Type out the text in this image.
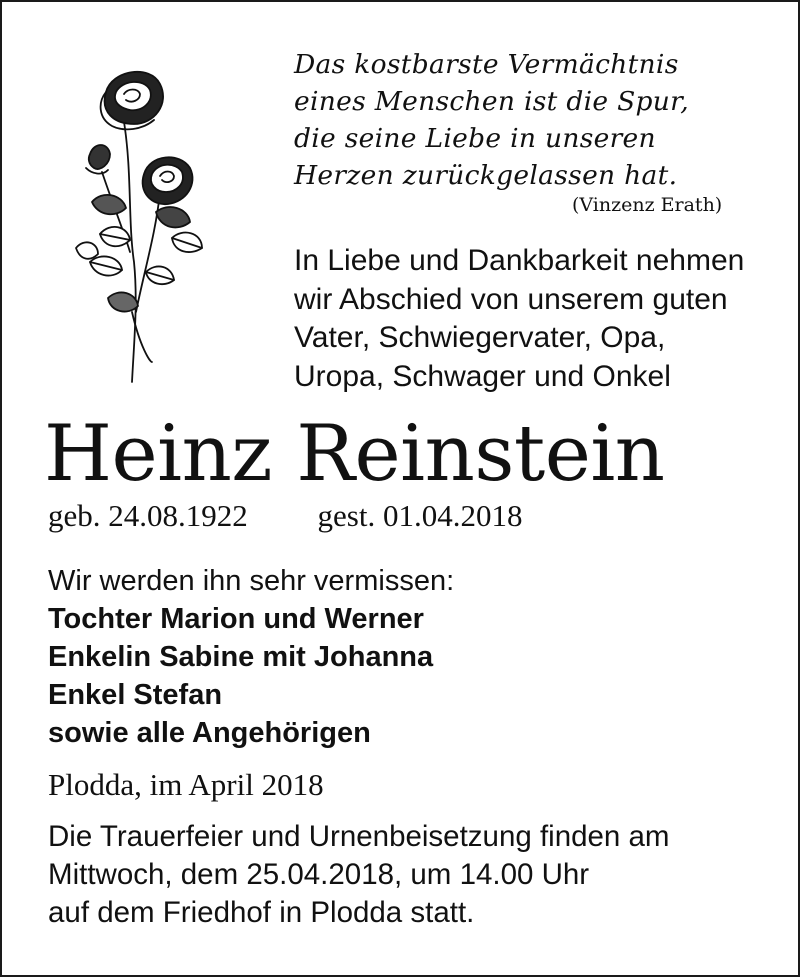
Das kostbarste Vermächtnis
eines Menschen ist die Spur,
die seine Liebe in unseren
Herzen zurückgelassen hat.
(Vinzenz Erath)
In Liebe und Dankbarkeit nehmen
wir Abschied von unserem guten
Vater, Schwiegervater, Opa,
Uropa, Schwager und Onkel
Heinz Reinstein
geb. 24.08.1922 gest. 01.04.2018
Wir werden ihn sehr vermissen:
Tochter Marion und Werner
Enkelin Sabine mit Johanna
Enkel Stefan
sowie alle Angehörigen
Plodda, im April 2018
Die Trauerfeier und Urnenbeisetzung finden am
Mittwoch, dem 25.04.2018, um 14.00 Uhr
auf dem Friedhof in Plodda statt.
